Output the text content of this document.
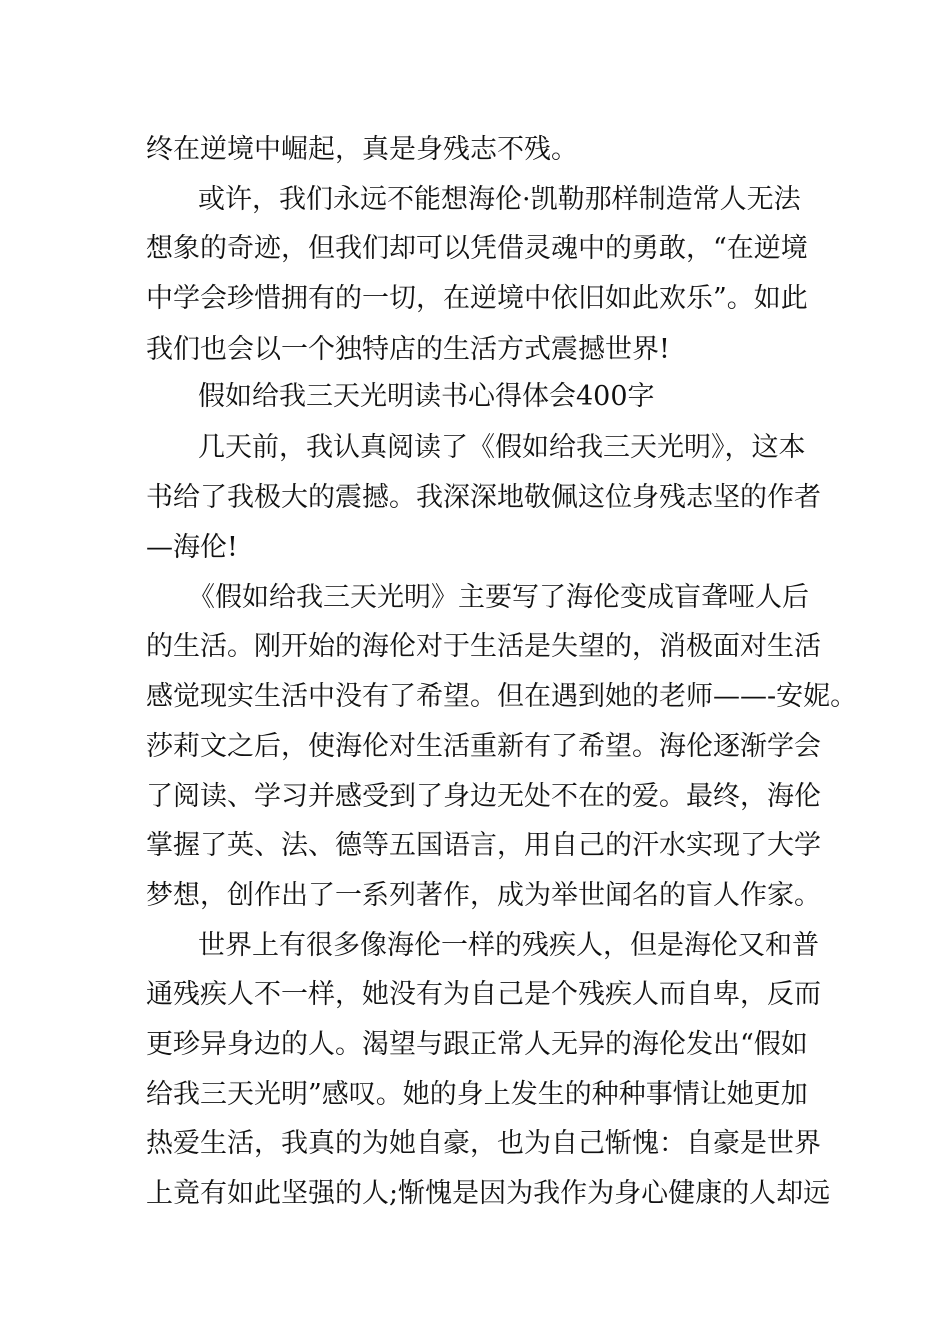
终在逆境中崛起，真是身残志不残。
或许，我们永远不能想海伦·凯勒那样制造常人无法
想象的奇迹，但我们却可以凭借灵魂中的勇敢，“在逆境
中学会珍惜拥有的一切，在逆境中依旧如此欢乐”。如此
我们也会以一个独特店的生活方式震撼世界!
假如给我三天光明读书心得体会400字
几天前，我认真阅读了《假如给我三天光明》，这本
书给了我极大的震撼。我深深地敬佩这位身残志坚的作者
—海伦!
《假如给我三天光明》主要写了海伦变成盲聋哑人后
的生活。刚开始的海伦对于生活是失望的，消极面对生活
感觉现实生活中没有了希望。但在遇到她的老师——-安妮。
莎莉文之后，使海伦对生活重新有了希望。海伦逐渐学会
了阅读、学习并感受到了身边无处不在的爱。最终，海伦
掌握了英、法、德等五国语言，用自己的汗水实现了大学
梦想，创作出了一系列著作，成为举世闻名的盲人作家。
世界上有很多像海伦一样的残疾人，但是海伦又和普
通残疾人不一样，她没有为自己是个残疾人而自卑，反而
更珍异身边的人。渴望与跟正常人无异的海伦发出“假如
给我三天光明”感叹。她的身上发生的种种事情让她更加
热爱生活，我真的为她自豪，也为自己惭愧：自豪是世界
上竟有如此坚强的人;惭愧是因为我作为身心健康的人却远
